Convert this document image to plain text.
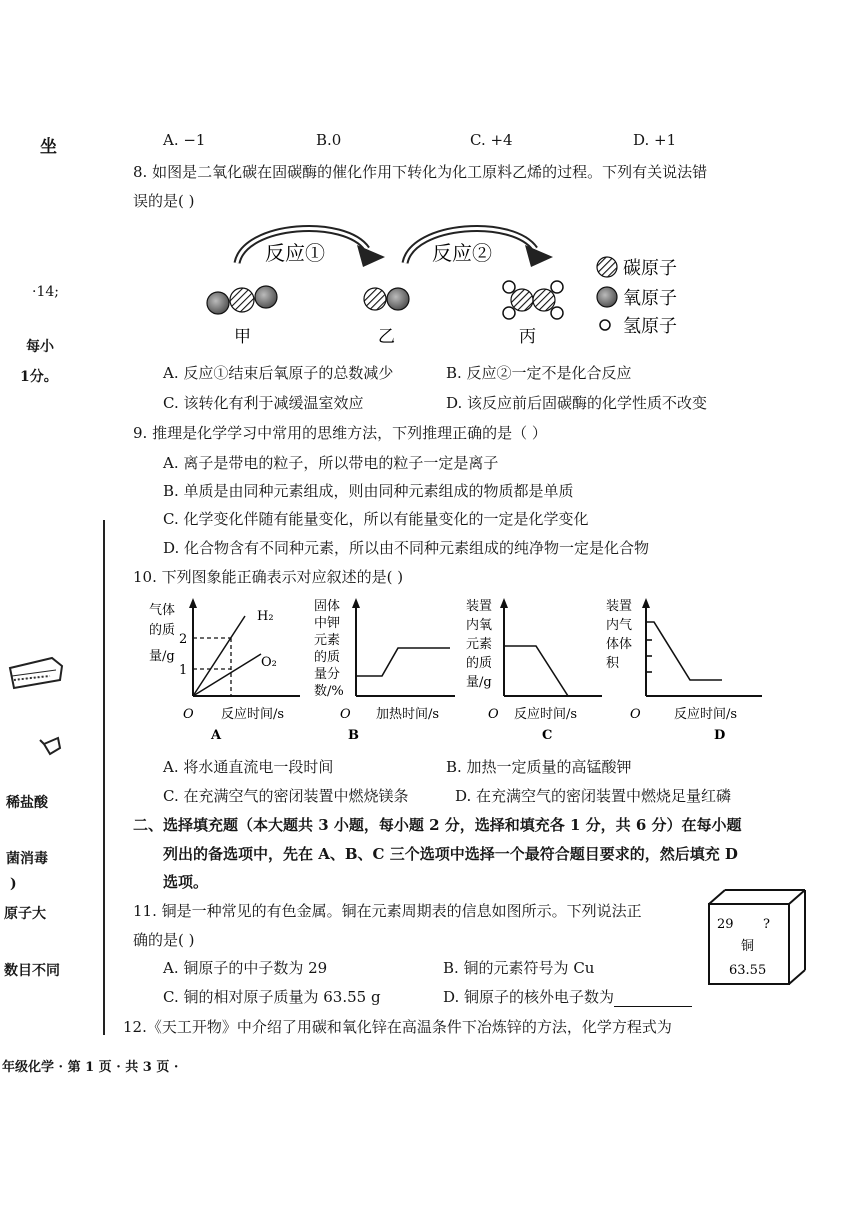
坐
·14;
每小
1分。
稀盐酸
菌消毒
)
原子大
数目不同
A. −1	B.0	C. +4	D. +1
8. 如图是二氧化碳在固碳酶的催化作用下转化为化工原料乙烯的过程。下列有关说法错
误的是( )
反应①	反应②
甲	乙	丙
碳原子
氧原子
氢原子
A. 反应①结束后氧原子的总数减少	B. 反应②一定不是化合反应
C. 该转化有利于减缓温室效应	D. 该反应前后固碳酶的化学性质不改变
9. 推理是化学学习中常用的思维方法，下列推理正确的是（ ）
A. 离子是带电的粒子，所以带电的粒子一定是离子
B. 单质是由同种元素组成，则由同种元素组成的物质都是单质
C. 化学变化伴随有能量变化，所以有能量变化的一定是化学变化
D. 化合物含有不同种元素，所以由不同种元素组成的纯净物一定是化合物
10. 下列图象能正确表示对应叙述的是( )
气体
的质
量/g
2
1
H₂
O₂
O 反应时间/s
A
固体
中钾
元素
的质
量分
数/%
O 加热时间/s
B
装置
内氧
元素
的质
量/g
O 反应时间/s
C
装置
内气
体体
积
O	反应时间/s
D
A. 将水通直流电一段时间	B. 加热一定质量的高锰酸钾
C. 在充满空气的密闭装置中燃烧镁条	D. 在充满空气的密闭装置中燃烧足量红磷
二、选择填充题（本大题共 3 小题，每小题 2 分，选择和填充各 1 分，共 6 分）在每小题
列出的备选项中，先在 A、B、C 三个选项中选择一个最符合题目要求的，然后填充 D
选项。
11. 铜是一种常见的有色金属。铜在元素周期表的信息如图所示。下列说法正
确的是( )
A. 铜原子的中子数为 29	B. 铜的元素符号为 Cu
C. 铜的相对原子质量为 63.55 g	D. 铜原子的核外电子数为
29 ?
铜
63.55
12.《天工开物》中介绍了用碳和氧化锌在高温条件下冶炼锌的方法，化学方程式为
年级化学 · 第 1 页 · 共 3 页 ·
